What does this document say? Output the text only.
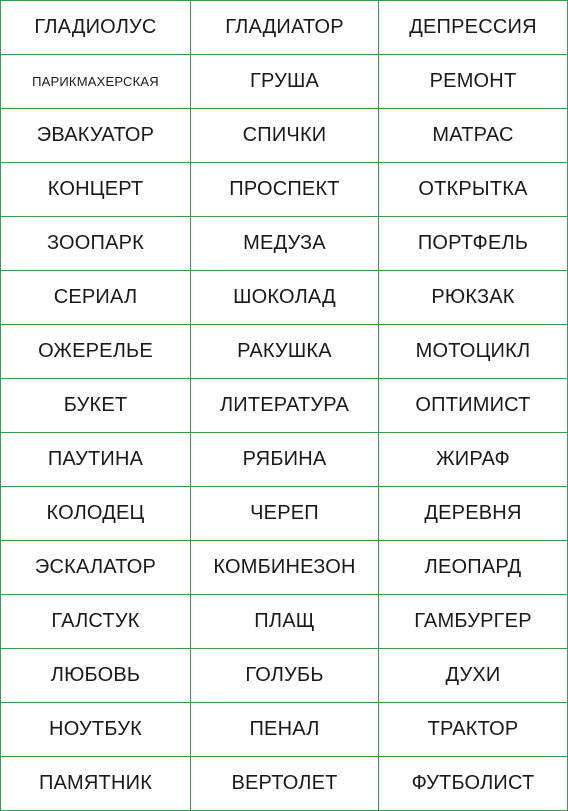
ГЛАДИОЛУС	ГЛАДИАТОР	ДЕПРЕССИЯ
ПАРИКМАХЕРСКАЯ	ГРУША	РЕМОНТ
ЭВАКУАТОР	СПИЧКИ	МАТРАС
КОНЦЕРТ	ПРОСПЕКТ	ОТКРЫТКА
ЗООПАРК	МЕДУЗА	ПОРТФЕЛЬ
СЕРИАЛ	ШОКОЛАД	РЮКЗАК
ОЖЕРЕЛЬЕ	РАКУШКА	МОТОЦИКЛ
БУКЕТ	ЛИТЕРАТУРА	ОПТИМИСТ
ПАУТИНА	РЯБИНА	ЖИРАФ
КОЛОДЕЦ	ЧЕРЕП	ДЕРЕВНЯ
ЭСКАЛАТОР	КОМБИНЕЗОН	ЛЕОПАРД
ГАЛСТУК	ПЛАЩ	ГАМБУРГЕР
ЛЮБОВЬ	ГОЛУБЬ	ДУХИ
НОУТБУК	ПЕНАЛ	ТРАКТОР
ПАМЯТНИК	ВЕРТОЛЕТ	ФУТБОЛИСТ
